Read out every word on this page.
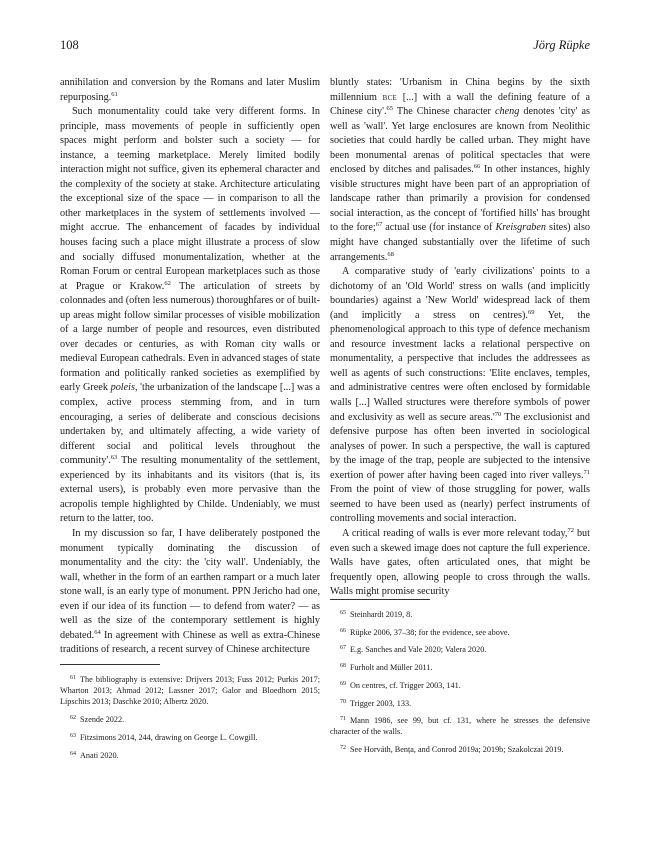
108	Jörg Rüpke

annihilation and conversion by the Romans and later Muslim repurposing.$^{61}$

Such monumentality could take very different forms. In principle, mass movements of people in sufficiently open spaces might perform and bolster such a society — for instance, a teeming marketplace. Merely limited bodily interaction might not suffice, given its ephemeral character and the complexity of the society at stake. Architecture articulating the exceptional size of the space — in comparison to all the other marketplaces in the system of settlements involved — might accrue. The enhancement of facades by individual houses facing such a place might illustrate a process of slow and socially diffused monumentalization, whether at the Roman Forum or central European marketplaces such as those at Prague or Krakow.$^{62}$ The articulation of streets by colonnades and (often less numerous) thoroughfares or of built-up areas might follow similar processes of visible mobilization of a large number of people and resources, even distributed over decades or centuries, as with Roman city walls or medieval European cathedrals. Even in advanced stages of state formation and politically ranked societies as exemplified by early Greek poleis, 'the urbanization of the landscape [...] was a complex, active process stemming from, and in turn encouraging, a series of deliberate and conscious decisions undertaken by, and ultimately affecting, a wide variety of different social and political levels throughout the community'.$^{63}$ The resulting monumentality of the settlement, experienced by its inhabitants and its visitors (that is, its external users), is probably even more pervasive than the acropolis temple highlighted by Childe. Undeniably, we must return to the latter, too.

In my discussion so far, I have deliberately postponed the monument typically dominating the discussion of monumentality and the city: the 'city wall'. Undeniably, the wall, whether in the form of an earthen rampart or a much later stone wall, is an early type of monument. PPN Jericho had one, even if our idea of its function — to defend from water? — as well as the size of the contemporary settlement is highly debated.$^{64}$ In agreement with Chinese as well as extra-Chinese traditions of research, a recent survey of Chinese architecture

bluntly states: 'Urbanism in China begins by the sixth millennium bce [...] with a wall the defining feature of a Chinese city'.$^{65}$ The Chinese character cheng denotes 'city' as well as 'wall'. Yet large enclosures are known from Neolithic societies that could hardly be called urban. They might have been monumental arenas of political spectacles that were enclosed by ditches and palisades.$^{66}$ In other instances, highly visible structures might have been part of an appropriation of landscape rather than primarily a provision for condensed social interaction, as the concept of 'fortified hills' has brought to the fore;$^{67}$ actual use (for instance of Kreisgraben sites) also might have changed substantially over the lifetime of such arrangements.$^{68}$

A comparative study of 'early civilizations' points to a dichotomy of an 'Old World' stress on walls (and implicitly boundaries) against a 'New World' widespread lack of them (and implicitly a stress on centres).$^{69}$ Yet, the phenomenological approach to this type of defence mechanism and resource investment lacks a relational perspective on monumentality, a perspective that includes the addressees as well as agents of such constructions: 'Elite enclaves, temples, and administrative centres were often enclosed by formidable walls [...] Walled structures were therefore symbols of power and exclusivity as well as secure $areas.'^{70}$ The exclusionist and defensive purpose has often been inverted in sociological analyses of power. In such a perspective, the wall is captured by the image of the trap, people are subjected to the intensive exertion of power after having been caged into river valleys.$^{71}$ From the point of view of those struggling for power, walls seemed to have been used as (nearly) perfect instruments of controlling movements and social interaction.

A critical reading of walls is ever more relevant today,$^{72}$ but even such a skewed image does not capture the full experience. Walls have gates, often articulated ones, that might be frequently open, allowing people to cross through the walls. Walls might promise security

$^{61}$ The bibliography is extensive: Drijvers 2013; Fuss 2012; Purkis 2017; Wharton 2013; Ahmad 2012; Lassner 2017; Galor and Bloedhorn 2015; Lipschits 2013; Daschke 2010; Albertz 2020.

$^{62}$ Szende 2022.

$^{63}$ Fitzsimons 2014, 244, drawing on George L. Cowgill.

$^{64}$ Anati 2020.

$^{65}$ Steinhardt 2019, 8.

$^{66}$ Rüpke 2006, 37–38; for the evidence, see above.

$^{67}$ E.g. Sanches and Vale 2020; Valera 2020.

$^{68}$ Furholt and Müller 2011.

$^{69}$ On centres, cf. Trigger 2003, 141.

$^{70}$ Trigger 2003, 133.

$^{71}$ Mann 1986, see 99, but cf. 131, where he stresses the defensive character of the walls.

$^{72}$ See Horváth, Bența, and Conrod 2019a; 2019b; Szakolczai 2019.
